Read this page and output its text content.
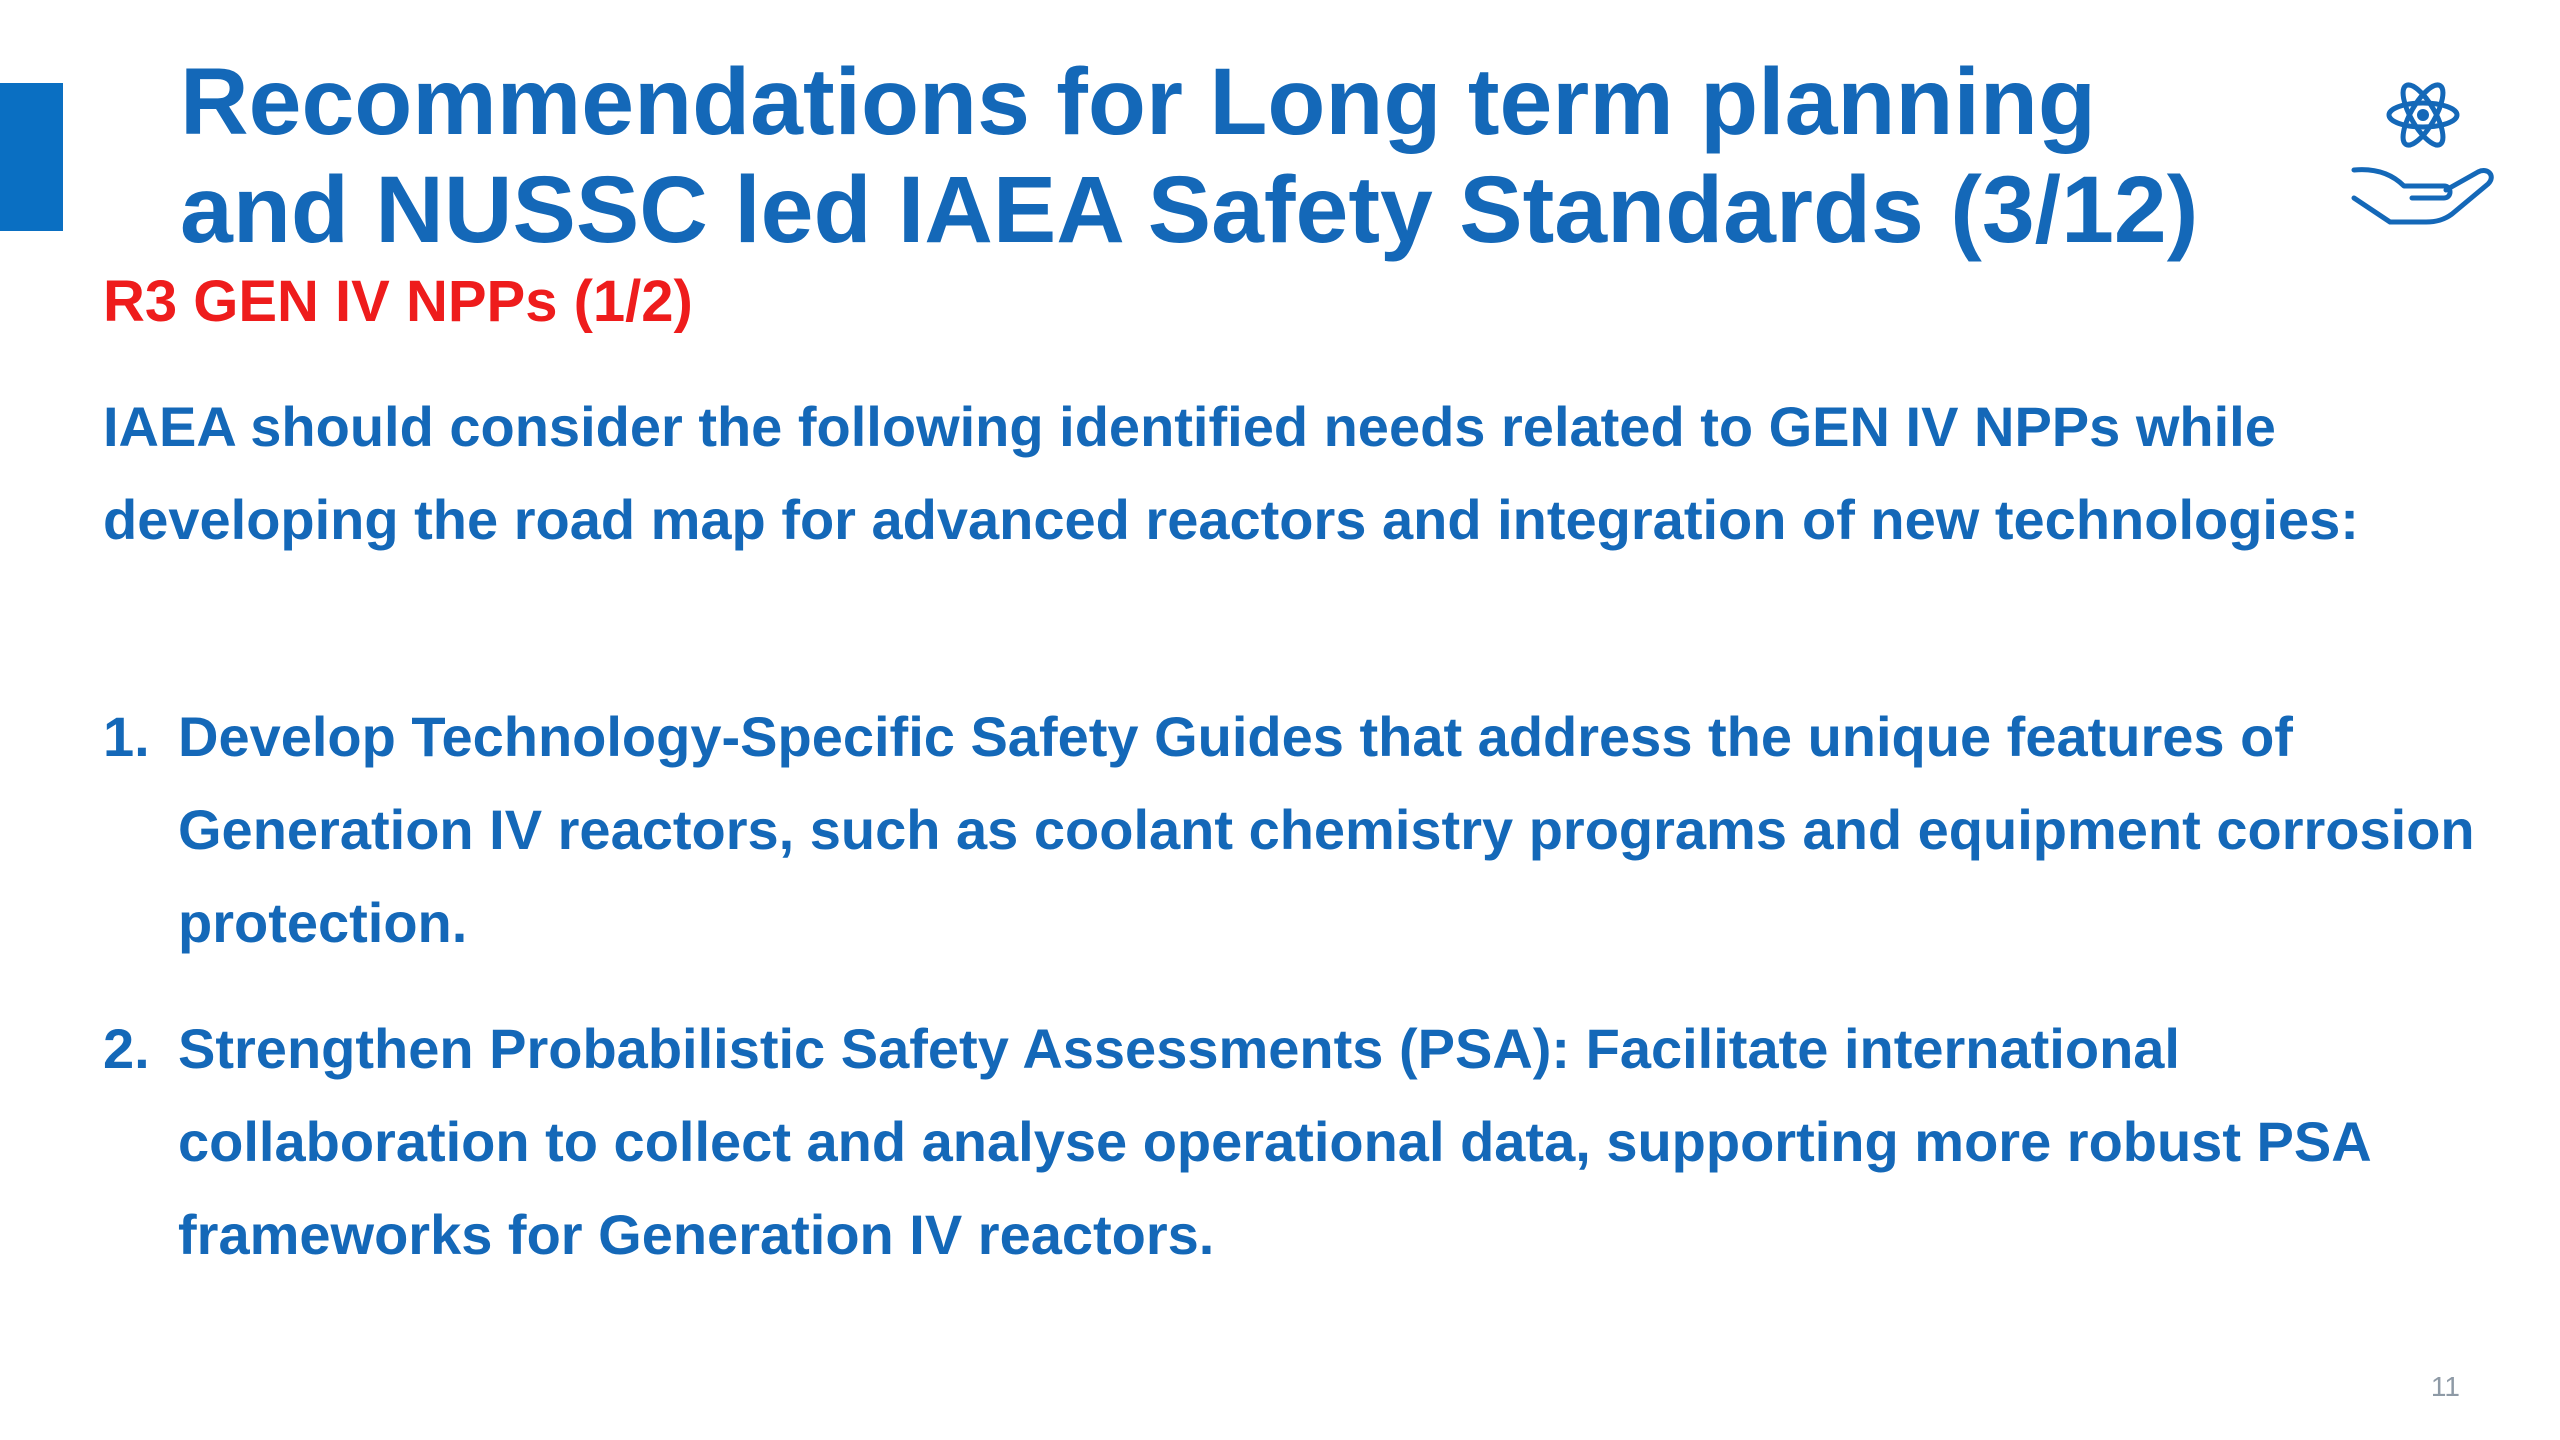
Recommendations for Long term planning and NUSSC led IAEA Safety Standards (3/12)
R3 GEN IV NPPs (1/2)

IAEA should consider the following identified needs related to GEN IV NPPs while developing the road map for advanced reactors and integration of new technologies:

1. Develop Technology-Specific Safety Guides that address the unique features of Generation IV reactors, such as coolant chemistry programs and equipment corrosion protection.
2. Strengthen Probabilistic Safety Assessments (PSA): Facilitate international collaboration to collect and analyse operational data, supporting more robust PSA frameworks for Generation IV reactors.
11
